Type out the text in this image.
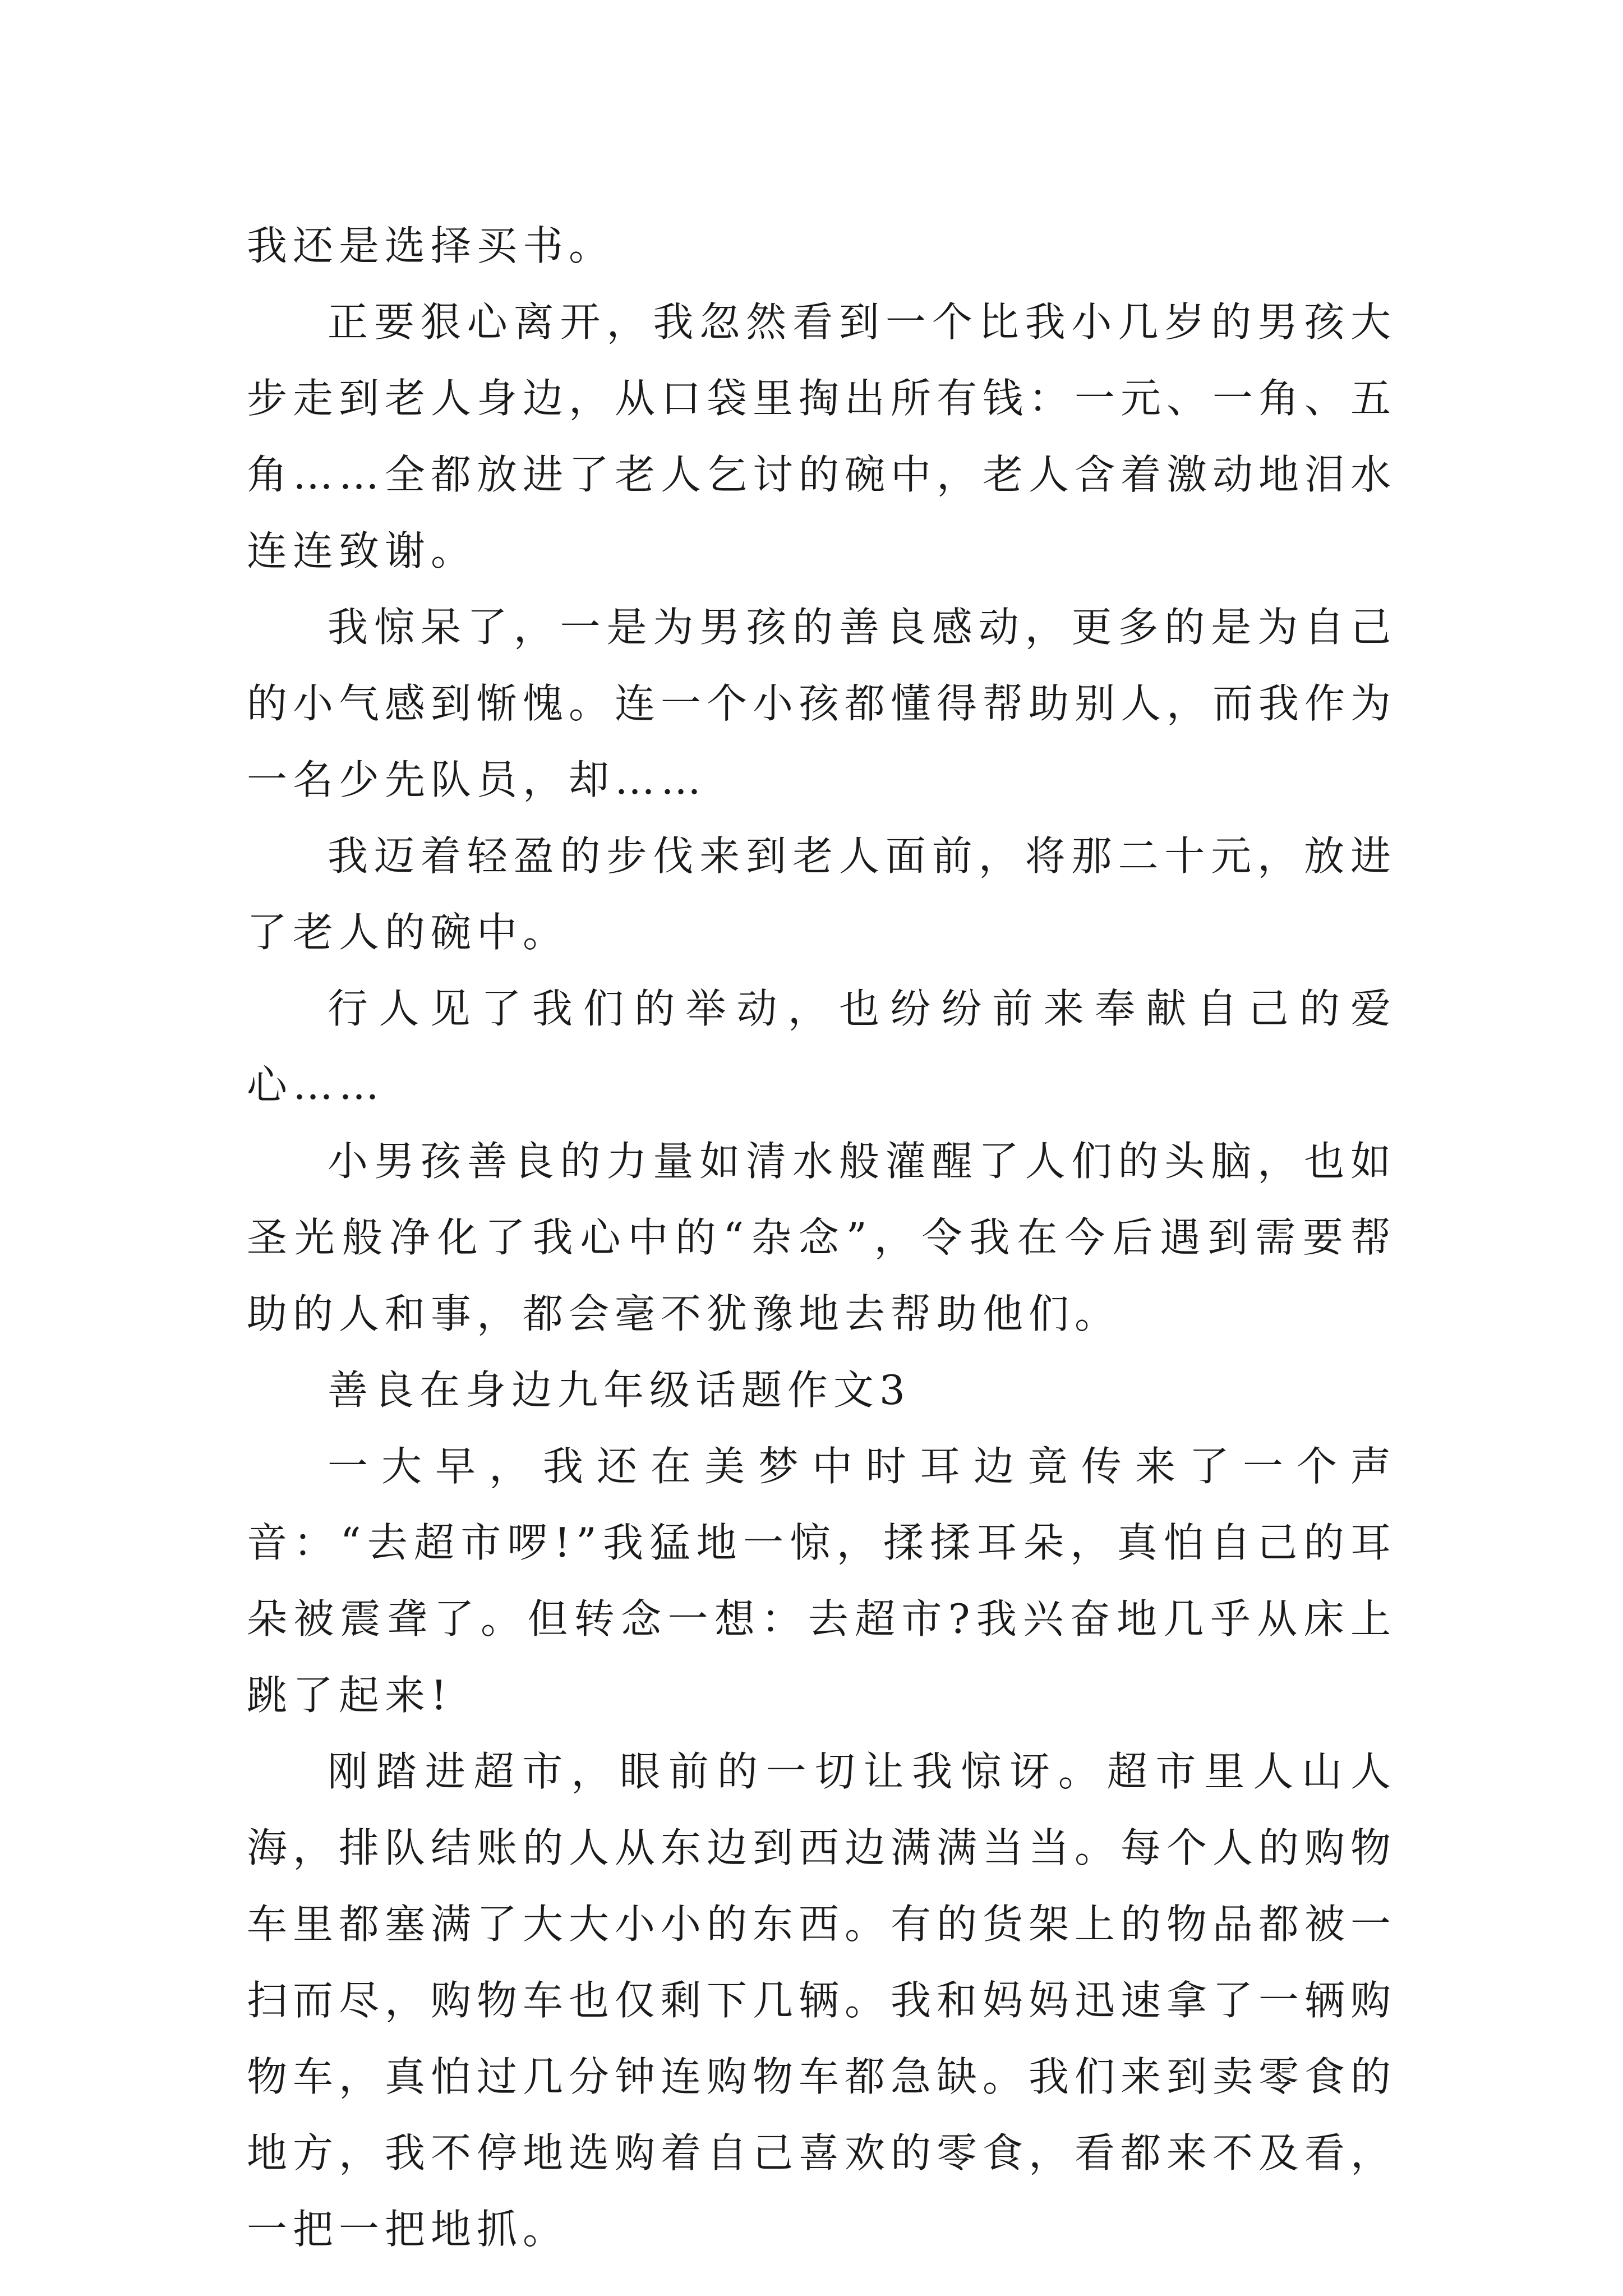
我还是选择买书。

正要狠心离开，我忽然看到一个比我小几岁的男孩大步走到老人身边，从口袋里掏出所有钱：一元、一角、五角……全都放进了老人乞讨的碗中，老人含着激动地泪水连连致谢。

我惊呆了，一是为男孩的善良感动，更多的是为自己的小气感到惭愧。连一个小孩都懂得帮助别人，而我作为一名少先队员，却……

我迈着轻盈的步伐来到老人面前，将那二十元，放进了老人的碗中。

行人见了我们的举动，也纷纷前来奉献自己的爱心……

小男孩善良的力量如清水般灌醒了人们的头脑，也如圣光般净化了我心中的“杂念”，令我在今后遇到需要帮助的人和事，都会毫不犹豫地去帮助他们。

善良在身边九年级话题作文3

一大早，我还在美梦中时耳边竟传来了一个声音：“去超市啰!”我猛地一惊，揉揉耳朵，真怕自己的耳朵被震聋了。但转念一想：去超市?我兴奋地几乎从床上跳了起来!

刚踏进超市，眼前的一切让我惊讶。超市里人山人海，排队结账的人从东边到西边满满当当。每个人的购物车里都塞满了大大小小的东西。有的货架上的物品都被一扫而尽，购物车也仅剩下几辆。我和妈妈迅速拿了一辆购物车，真怕过几分钟连购物车都急缺。我们来到卖零食的地方，我不停地选购着自己喜欢的零食，看都来不及看，一把一把地抓。
